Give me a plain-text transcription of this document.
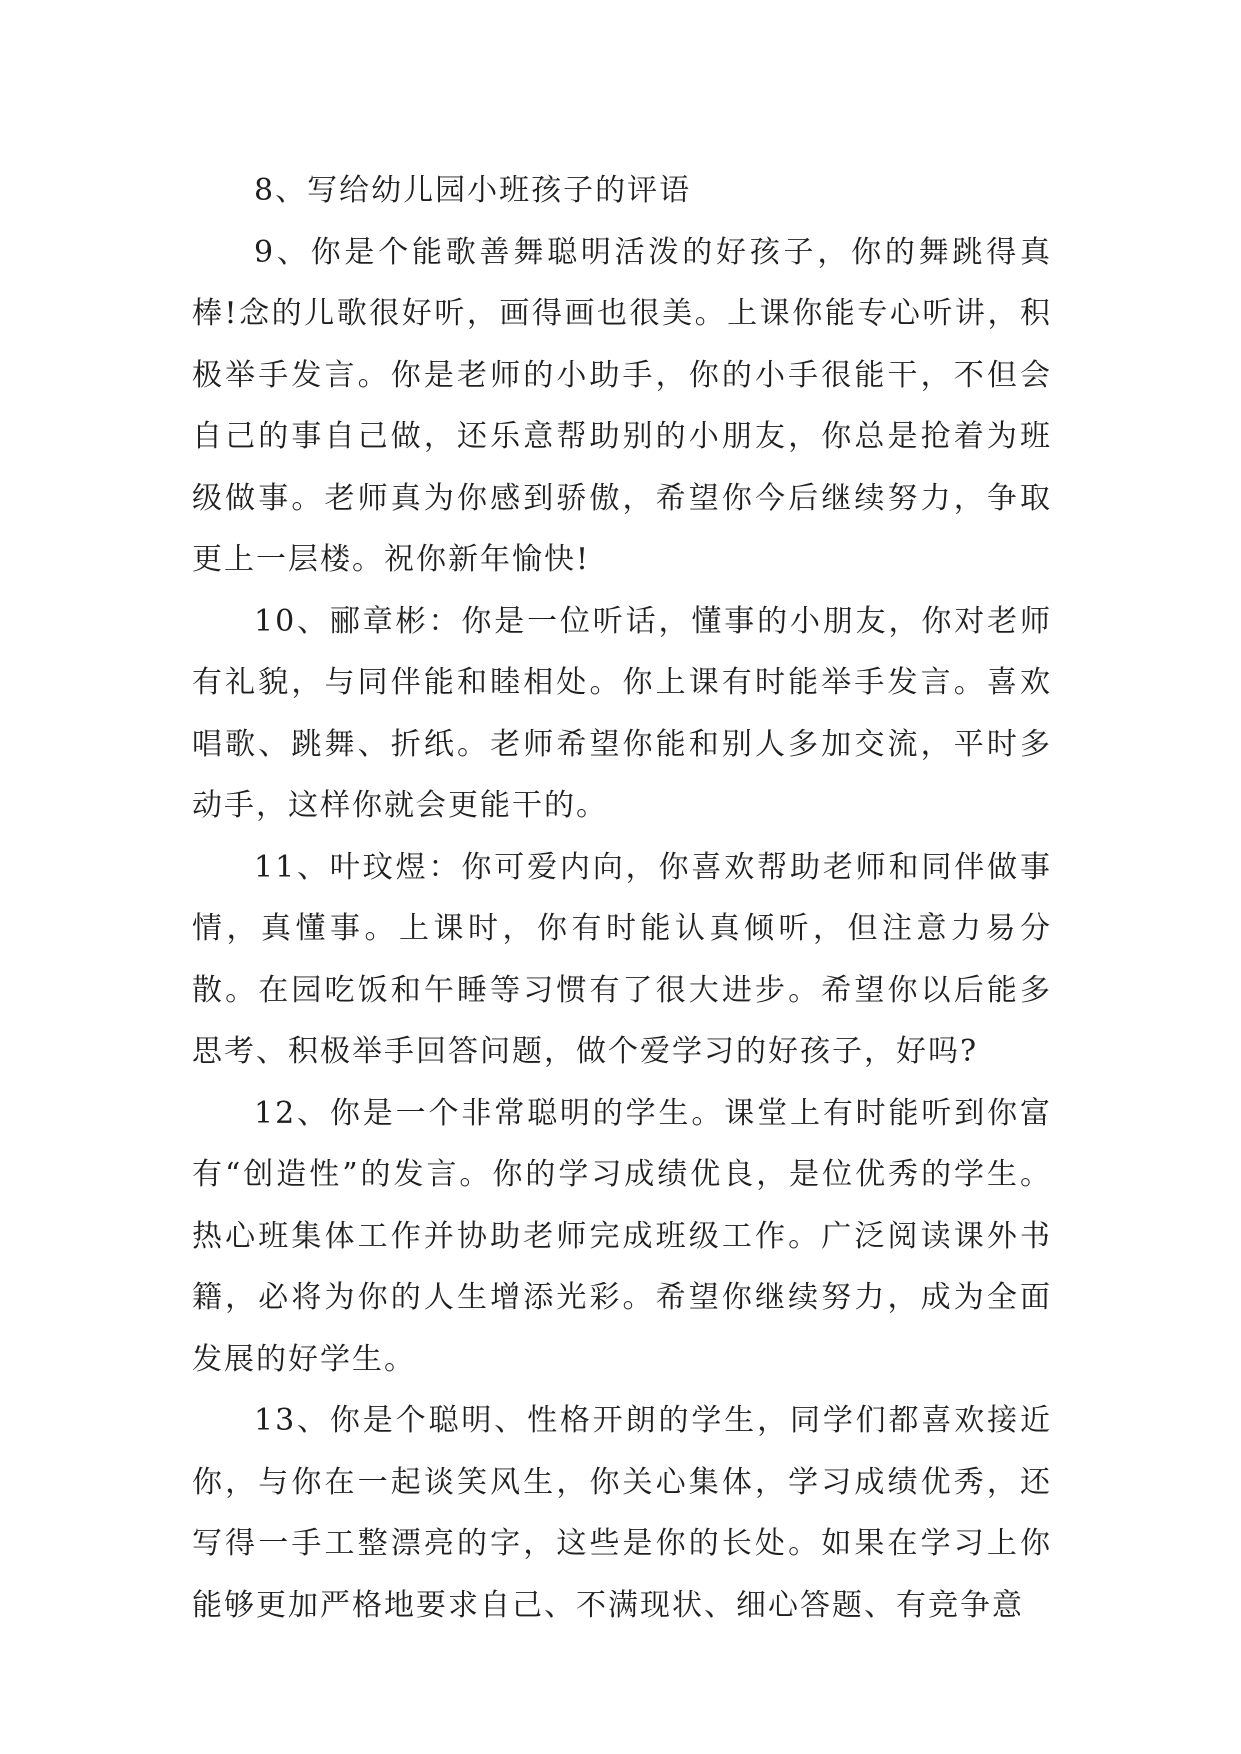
8、写给幼儿园小班孩子的评语

9、你是个能歌善舞聪明活泼的好孩子，你的舞跳得真棒!念的儿歌很好听，画得画也很美。上课你能专心听讲，积极举手发言。你是老师的小助手，你的小手很能干，不但会自己的事自己做，还乐意帮助别的小朋友，你总是抢着为班级做事。老师真为你感到骄傲，希望你今后继续努力，争取更上一层楼。祝你新年愉快!

10、郦章彬：你是一位听话，懂事的小朋友，你对老师有礼貌，与同伴能和睦相处。你上课有时能举手发言。喜欢唱歌、跳舞、折纸。老师希望你能和别人多加交流，平时多动手，这样你就会更能干的。

11、叶玟煜：你可爱内向，你喜欢帮助老师和同伴做事情，真懂事。上课时，你有时能认真倾听，但注意力易分散。在园吃饭和午睡等习惯有了很大进步。希望你以后能多思考、积极举手回答问题，做个爱学习的好孩子，好吗?

12、你是一个非常聪明的学生。课堂上有时能听到你富有“创造性”的发言。你的学习成绩优良，是位优秀的学生。热心班集体工作并协助老师完成班级工作。广泛阅读课外书籍，必将为你的人生增添光彩。希望你继续努力，成为全面发展的好学生。

13、你是个聪明、性格开朗的学生，同学们都喜欢接近你，与你在一起谈笑风生，你关心集体，学习成绩优秀，还写得一手工整漂亮的字，这些是你的长处。如果在学习上你能够更加严格地要求自己、不满现状、细心答题、有竞争意
